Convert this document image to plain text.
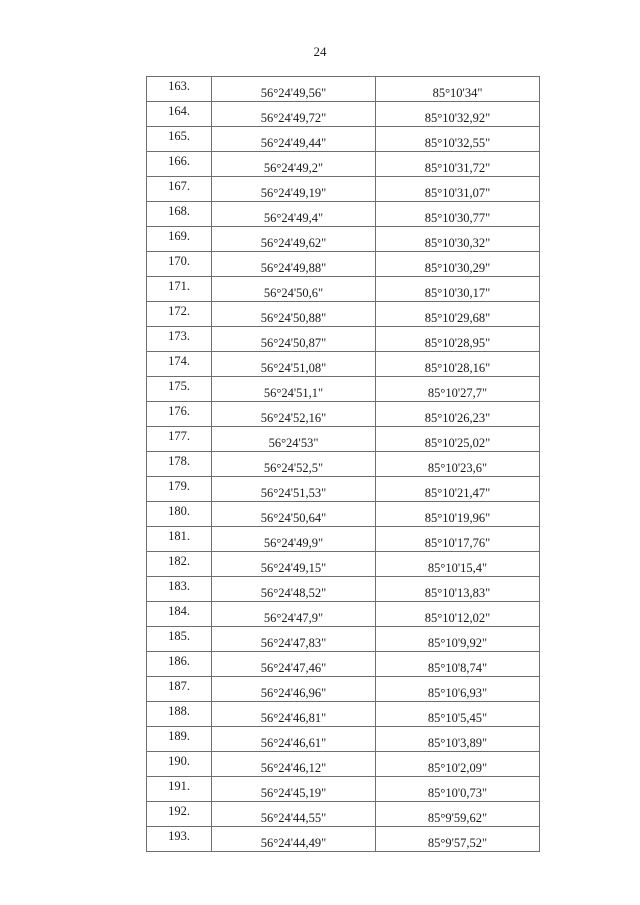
24
163.	56°24'49,56"	85°10'34"
164.	56°24'49,72"	85°10'32,92"
165.	56°24'49,44"	85°10'32,55"
166.	56°24'49,2"	85°10'31,72"
167.	56°24'49,19"	85°10'31,07"
168.	56°24'49,4"	85°10'30,77"
169.	56°24'49,62"	85°10'30,32"
170.	56°24'49,88"	85°10'30,29"
171.	56°24'50,6"	85°10'30,17"
172.	56°24'50,88"	85°10'29,68"
173.	56°24'50,87"	85°10'28,95"
174.	56°24'51,08"	85°10'28,16"
175.	56°24'51,1"	85°10'27,7"
176.	56°24'52,16"	85°10'26,23"
177.	56°24'53"	85°10'25,02"
178.	56°24'52,5"	85°10'23,6"
179.	56°24'51,53"	85°10'21,47"
180.	56°24'50,64"	85°10'19,96"
181.	56°24'49,9"	85°10'17,76"
182.	56°24'49,15"	85°10'15,4"
183.	56°24'48,52"	85°10'13,83"
184.	56°24'47,9"	85°10'12,02"
185.	56°24'47,83"	85°10'9,92"
186.	56°24'47,46"	85°10'8,74"
187.	56°24'46,96"	85°10'6,93"
188.	56°24'46,81"	85°10'5,45"
189.	56°24'46,61"	85°10'3,89"
190.	56°24'46,12"	85°10'2,09"
191.	56°24'45,19"	85°10'0,73"
192.	56°24'44,55"	85°9'59,62"
193.	56°24'44,49"	85°9'57,52"
